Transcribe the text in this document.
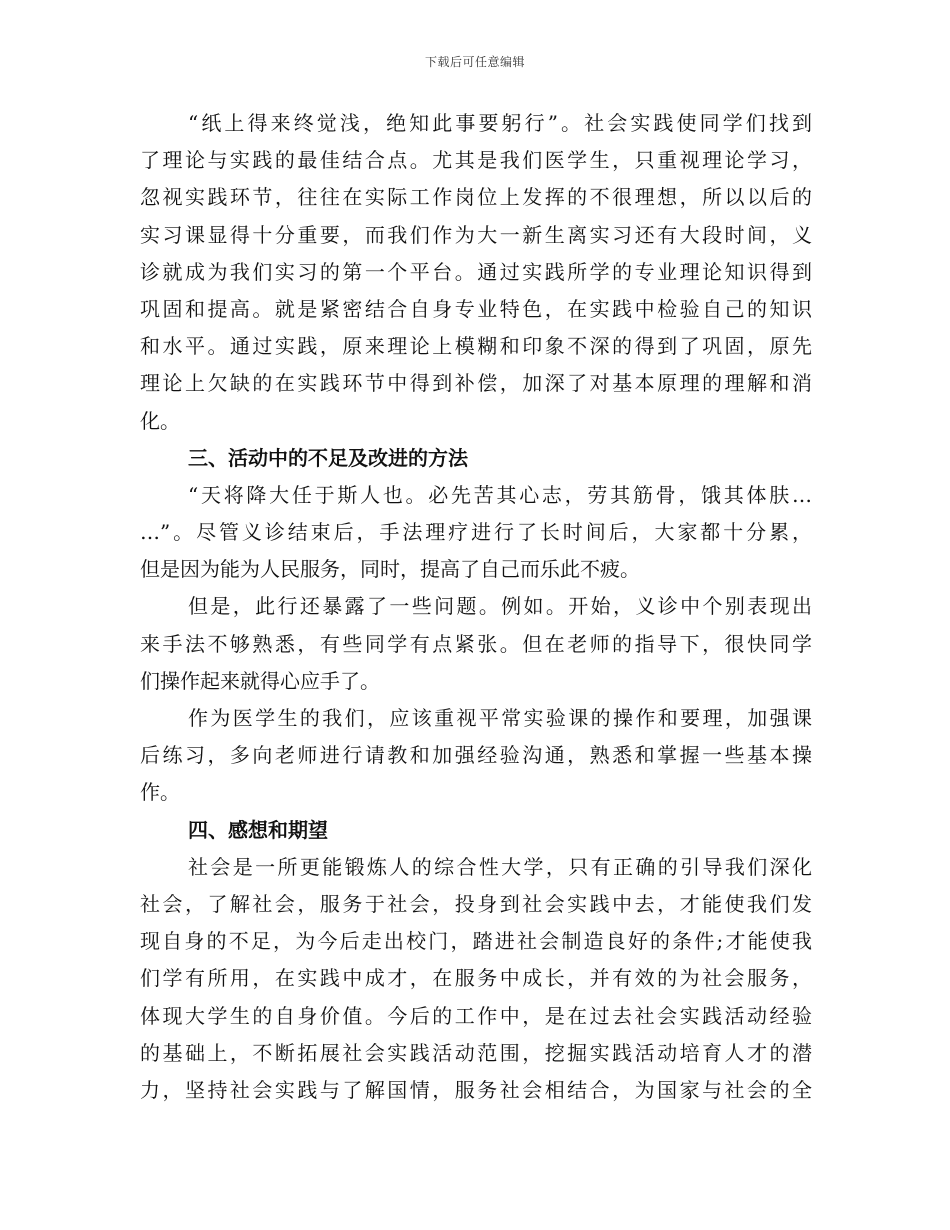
下载后可任意编辑
“纸上得来终觉浅，绝知此事要躬行”。社会实践使同学们找到
了理论与实践的最佳结合点。尤其是我们医学生，只重视理论学习，
忽视实践环节，往往在实际工作岗位上发挥的不很理想，所以以后的
实习课显得十分重要，而我们作为大一新生离实习还有大段时间，义
诊就成为我们实习的第一个平台。通过实践所学的专业理论知识得到
巩固和提高。就是紧密结合自身专业特色，在实践中检验自己的知识
和水平。通过实践，原来理论上模糊和印象不深的得到了巩固，原先
理论上欠缺的在实践环节中得到补偿，加深了对基本原理的理解和消
化。
三、活动中的不足及改进的方法
“天将降大任于斯人也。必先苦其心志，劳其筋骨，饿其体肤…
…”。尽管义诊结束后，手法理疗进行了长时间后，大家都十分累，
但是因为能为人民服务，同时，提高了自己而乐此不疲。
但是，此行还暴露了一些问题。例如。开始，义诊中个别表现出
来手法不够熟悉，有些同学有点紧张。但在老师的指导下，很快同学
们操作起来就得心应手了。
作为医学生的我们，应该重视平常实验课的操作和要理，加强课
后练习，多向老师进行请教和加强经验沟通，熟悉和掌握一些基本操
作。
四、感想和期望
社会是一所更能锻炼人的综合性大学，只有正确的引导我们深化
社会，了解社会，服务于社会，投身到社会实践中去，才能使我们发
现自身的不足，为今后走出校门，踏进社会制造良好的条件;才能使我
们学有所用，在实践中成才，在服务中成长，并有效的为社会服务，
体现大学生的自身价值。今后的工作中，是在过去社会实践活动经验
的基础上，不断拓展社会实践活动范围，挖掘实践活动培育人才的潜
力，坚持社会实践与了解国情，服务社会相结合，为国家与社会的全
